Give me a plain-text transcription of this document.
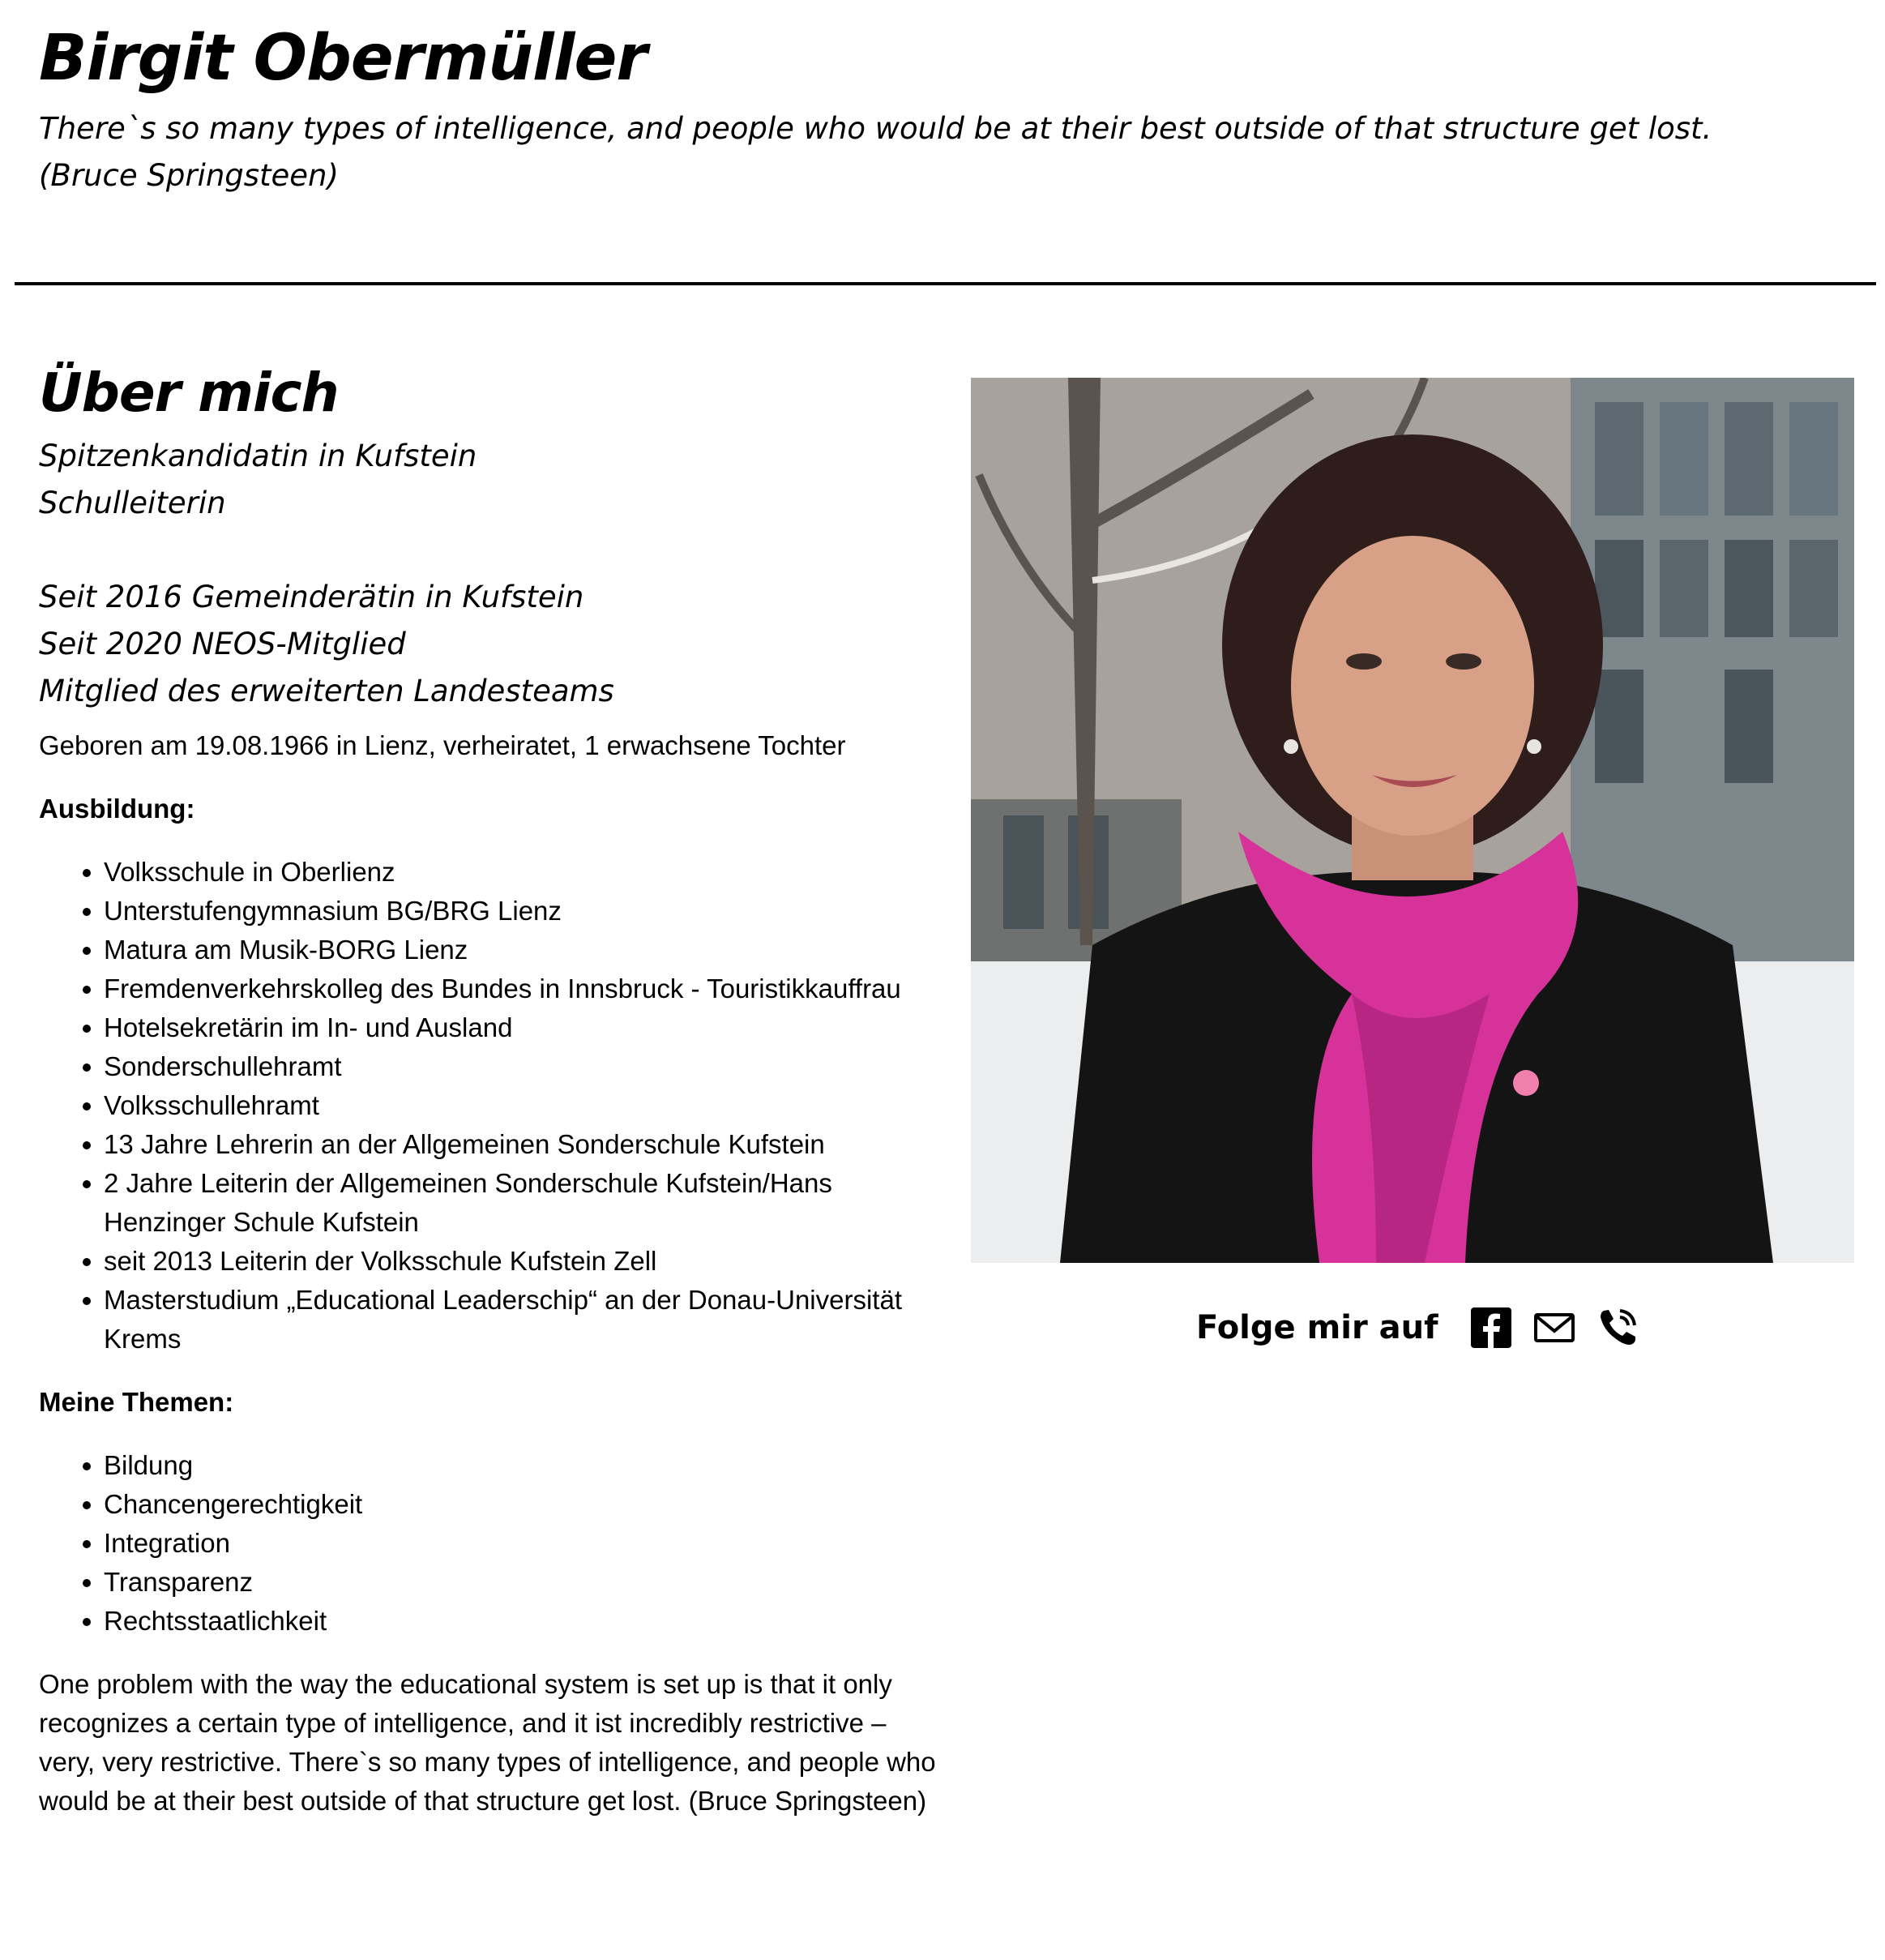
Birgit Obermüller
There`s so many types of intelligence, and people who would be at their best outside of that structure get lost.
(Bruce Springsteen)
Über mich
Spitzenkandidatin in Kufstein
Schulleiterin
Seit 2016 Gemeinderätin in Kufstein
Seit 2020 NEOS-Mitglied
Mitglied des erweiterten Landesteams

Geboren am 19.08.1966 in Lienz, verheiratet, 1 erwachsene Tochter

Ausbildung:

Volksschule in Oberlienz
Unterstufengymnasium BG/BRG Lienz
Matura am Musik-BORG Lienz
Fremdenverkehrskolleg des Bundes in Innsbruck - Touristikkauffrau
Hotelsekretärin im In- und Ausland
Sonderschullehramt
Volksschullehramt
13 Jahre Lehrerin an der Allgemeinen Sonderschule Kufstein
2 Jahre Leiterin der Allgemeinen Sonderschule Kufstein/Hans Henzinger Schule Kufstein
seit 2013 Leiterin der Volksschule Kufstein Zell
Masterstudium „Educational Leaderschip“ an der Donau-Universität Krems

Meine Themen:

Bildung
Chancengerechtigkeit
Integration
Transparenz
Rechtsstaatlichkeit

One problem with the way the educational system is set up is that it only recognizes a certain type of intelligence, and it ist incredibly restrictive – very, very restrictive. There`s so many types of intelligence, and people who would be at their best outside of that structure get lost. (Bruce Springsteen)

Folge mir auf
